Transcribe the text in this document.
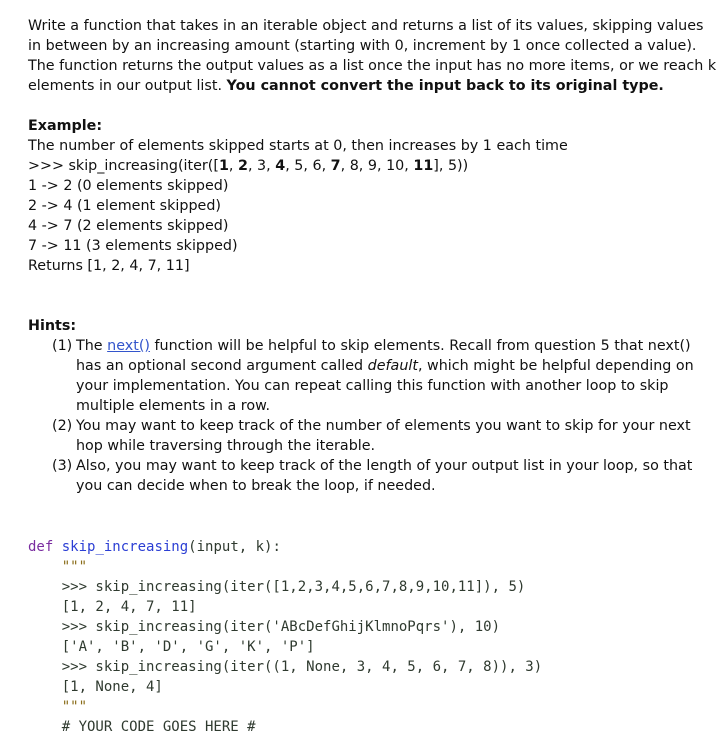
Write a function that takes in an iterable object and returns a list of its values, skipping values in between by an increasing amount (starting with 0, increment by 1 once collected a value). The function returns the output values as a list once the input has no more items, or we reach k elements in our output list. You cannot convert the input back to its original type.

Example:

The number of elements skipped starts at 0, then increases by 1 each time

>>> skip_increasing(iter([1, 2, 3, 4, 5, 6, 7, 8, 9, 10, 11], 5))

1 -> 2 (0 elements skipped)

2 -> 4 (1 element skipped)

4 -> 7 (2 elements skipped)

7 -> 11 (3 elements skipped)

Returns [1, 2, 4, 7, 11]

Hints:

(1) The next() function will be helpful to skip elements. Recall from question 5 that next() has an optional second argument called default, which might be helpful depending on your implementation. You can repeat calling this function with another loop to skip multiple elements in a row.
(2) You may want to keep track of the number of elements you want to skip for your next hop while traversing through the iterable.
(3) Also, you may want to keep track of the length of your output list in your loop, so that you can decide when to break the loop, if needed.
def skip_increasing(input, k):
"""
>>> skip_increasing(iter([1,2,3,4,5,6,7,8,9,10,11]), 5)
[1, 2, 4, 7, 11]
>>> skip_increasing(iter('ABcDefGhijKlmnoPqrs'), 10)
['A', 'B', 'D', 'G', 'K', 'P']
>>> skip_increasing(iter((1, None, 3, 4, 5, 6, 7, 8)), 3)
[1, None, 4]
"""
# YOUR CODE GOES HERE #
